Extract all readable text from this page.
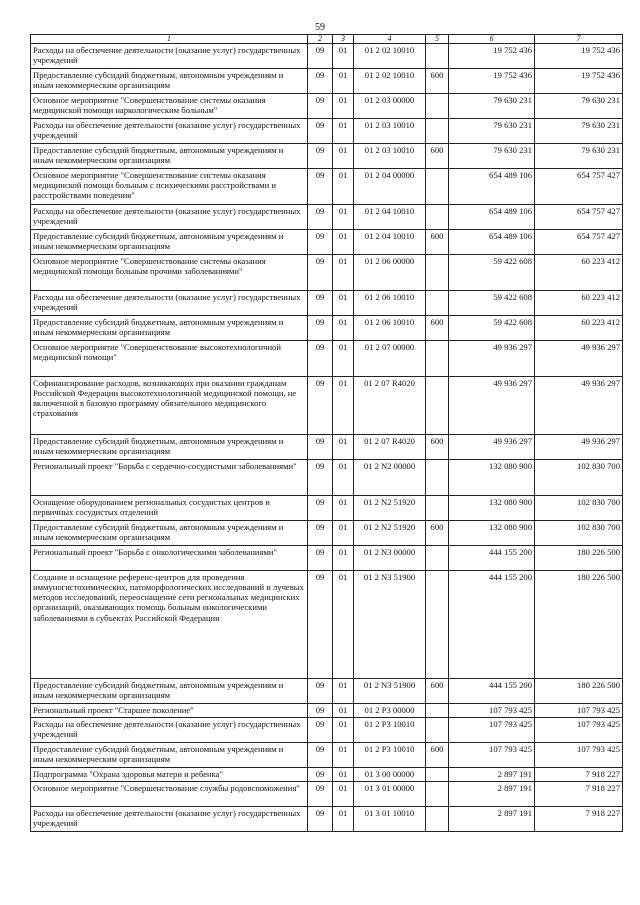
59
1	2	3	4	5	6	7
Расходы на обеспечение деятельности (оказание услуг) государственных учреждений	09	01	01 2 02 10010		19 752 436	19 752 436
Предоставление субсидий бюджетным, автономным учреждениям и иным некоммерческим организациям	09	01	01 2 02 10010	600	19 752 436	19 752 436
Основное мероприятие "Совершенствование системы оказания медицинской помощи наркологическим больным"	09	01	01 2 03 00000		79 630 231	79 630 231
Расходы на обеспечение деятельности (оказание услуг) государственных учреждений	09	01	01 2 03 10010		79 630 231	79 630 231
Предоставление субсидий бюджетным, автономным учреждениям и иным некоммерческим организациям	09	01	01 2 03 10010	600	79 630 231	79 630 231
Основное мероприятие "Совершенствование системы оказания медицинской помощи больным с психическими расстройствами и расстройствами поведения"	09	01	01 2 04 00000		654 489 106	654 757 427
Расходы на обеспечение деятельности (оказание услуг) государственных учреждений	09	01	01 2 04 10010		654 489 106	654 757 427
Предоставление субсидий бюджетным, автономным учреждениям и иным некоммерческим организациям	09	01	01 2 04 10010	600	654 489 106	654 757 427
Основное мероприятие "Совершенствование системы оказания медицинской помощи больным прочими заболеваниями"	09	01	01 2 06 00000		59 422 608	60 223 412
Расходы на обеспечение деятельности (оказание услуг) государственных учреждений	09	01	01 2 06 10010		59 422 608	60 223 412
Предоставление субсидий бюджетным, автономным учреждениям и иным некоммерческим организациям	09	01	01 2 06 10010	600	59 422 608	60 223 412
Основное мероприятие "Совершенствование высокотехнологичной медицинской помощи"	09	01	01 2 07 00000		49 936 297	49 936 297
Софинансирование расходов, возникающих при оказании гражданам Российской Федерации высокотехнологичной медицинской помощи, не включенной в базовую программу обязательного медицинского страхования	09	01	01 2 07 R4020		49 936 297	49 936 297
Предоставление субсидий бюджетным, автономным учреждениям и иным некоммерческим организациям	09	01	01 2 07 R4020	600	49 936 297	49 936 297
Региональный проект "Борьба с сердечно-сосудистыми заболеваниями"	09	01	01 2 N2 00000		132 080 900	102 830 700
Оснащение оборудованием региональных сосудистых центров и первичных сосудистых отделений	09	01	01 2 N2 51920		132 080 900	102 830 700
Предоставление субсидий бюджетным, автономным учреждениям и иным некоммерческим организациям	09	01	01 2 N2 51920	600	132 080 900	102 830 700
Региональный проект "Борьба с онкологическими заболеваниями"	09	01	01 2 N3 00000		444 155 200	180 226 500
Создание и оснащение референс-центров для проведения иммуногистохимических, патоморфологических исследований и лучевых методов исследований, переоснащение сети региональных медицинских организаций, оказывающих помощь больным онкологическими заболеваниями в субъектах Российской Федерации	09	01	01 2 N3 51900		444 155 200	180 226 500
Предоставление субсидий бюджетным, автономным учреждениям и иным некоммерческим организациям	09	01	01 2 N3 51900	600	444 155 200	180 226 500
Региональный проект "Старшее поколение"	09	01	01 2 P3 00000		107 793 425	107 793 425
Расходы на обеспечение деятельности (оказание услуг) государственных учреждений	09	01	01 2 P3 10010		107 793 425	107 793 425
Предоставление субсидий бюджетным, автономным учреждениям и иным некоммерческим организациям	09	01	01 2 P3 10010	600	107 793 425	107 793 425
Подпрограмма "Охрана здоровья матери и ребенка"	09	01	01 3 00 00000		2 897 191	7 918 227
Основное мероприятие "Совершенствование службы родовспоможения"	09	01	01 3 01 00000		2 897 191	7 918 227
Расходы на обеспечение деятельности (оказание услуг) государственных учреждений	09	01	01 3 01 10010		2 897 191	7 918 227
